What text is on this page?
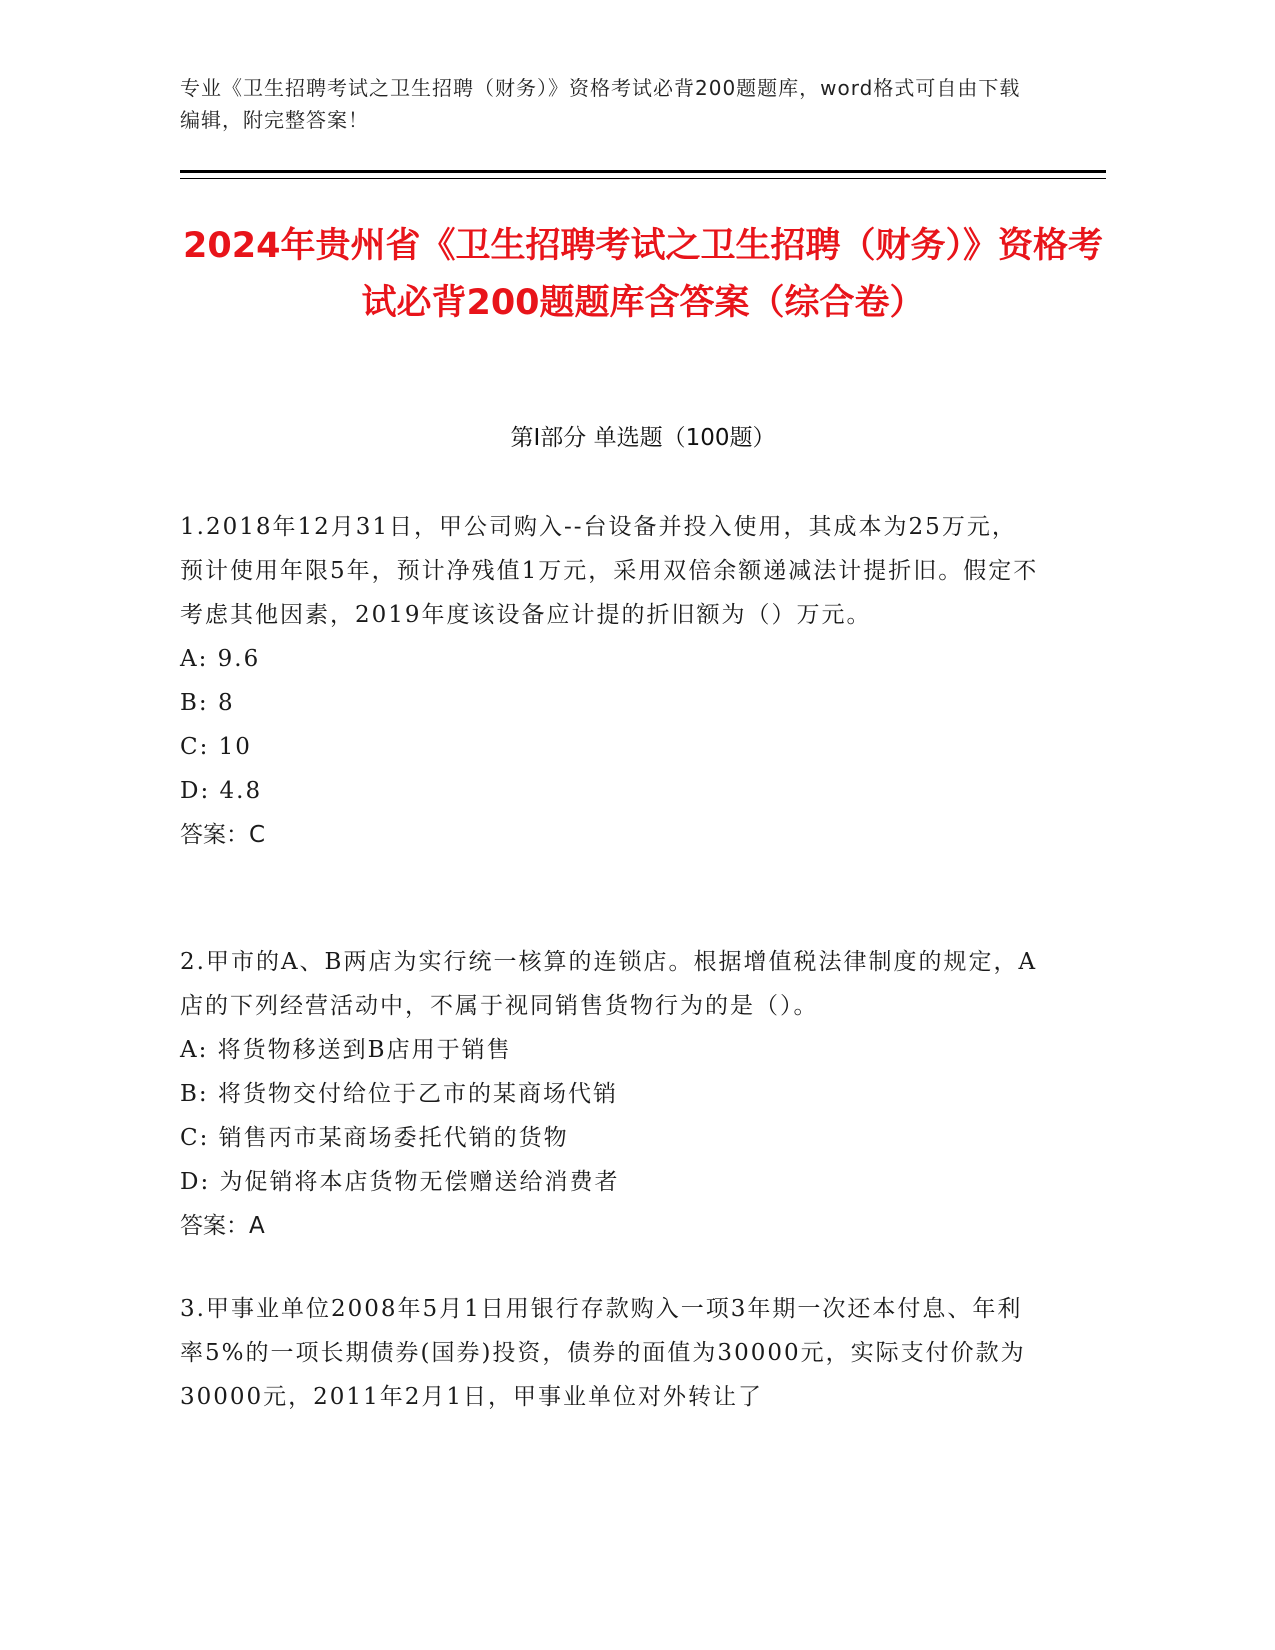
专业《卫生招聘考试之卫生招聘（财务）》资格考试必背200题题库，word格式可自由下载编辑，附完整答案！
2024年贵州省《卫生招聘考试之卫生招聘（财务）》资格考试必背200题题库含答案（综合卷）
第I部分 单选题（100题）

1.2018年12月31日，甲公司购入--台设备并投入使用，其成本为25万元，预计使用年限5年，预计净残值1万元，采用双倍余额递减法计提折旧。假定不考虑其他因素，2019年度该设备应计提的折旧额为（）万元。

A: 9.6

B: 8

C: 10

D: 4.8

答案：C

2.甲市的A、B两店为实行统一核算的连锁店。根据增值税法律制度的规定，A店的下列经营活动中，不属于视同销售货物行为的是（）。

A: 将货物移送到B店用于销售

B: 将货物交付给位于乙市的某商场代销

C: 销售丙市某商场委托代销的货物

D: 为促销将本店货物无偿赠送给消费者

答案：A

3.甲事业单位2008年5月1日用银行存款购入一项3年期一次还本付息、年利率5%的一项长期债券(国券)投资，债券的面值为30000元，实际支付价款为30000元，2011年2月1日，甲事业单位对外转让了
